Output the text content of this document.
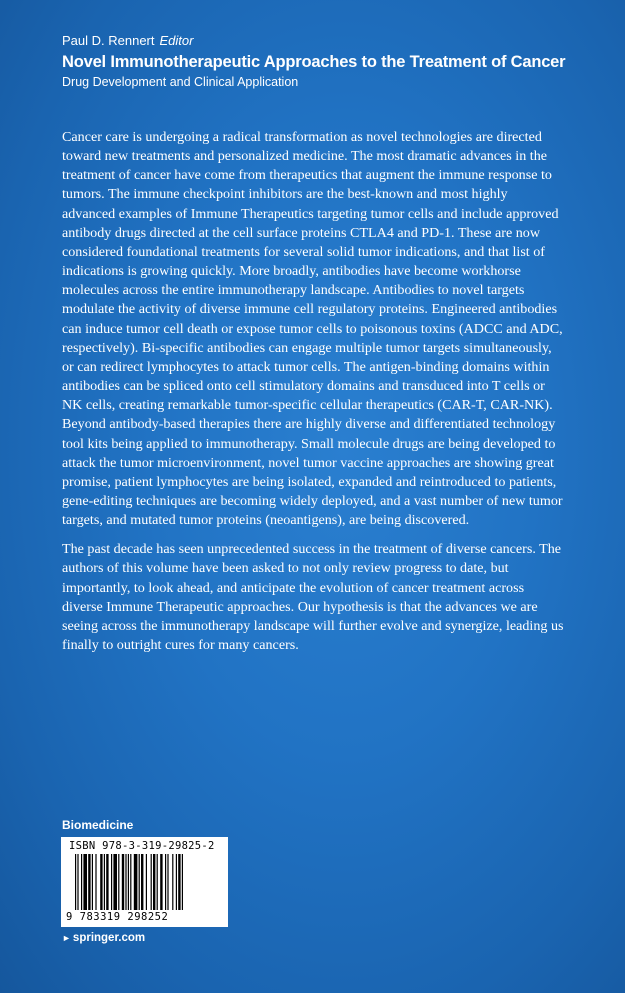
Paul D. Rennert Editor
Novel Immunotherapeutic Approaches to the Treatment of Cancer
Drug Development and Clinical Application

Cancer care is undergoing a radical transformation as novel technologies are directed toward new treatments and personalized medicine. The most dramatic advances in the treatment of cancer have come from therapeutics that augment the immune response to tumors. The immune checkpoint inhibitors are the best-known and most highly advanced examples of Immune Therapeutics targeting tumor cells and include approved antibody drugs directed at the cell surface proteins CTLA4 and PD-1. These are now considered foundational treatments for several solid tumor indications, and that list of indications is growing quickly. More broadly, antibodies have become workhorse molecules across the entire immunotherapy landscape. Antibodies to novel targets modulate the activity of diverse immune cell regulatory proteins. Engineered antibodies can induce tumor cell death or expose tumor cells to poisonous toxins (ADCC and ADC, respectively). Bi-specific antibodies can engage multiple tumor targets simultaneously, or can redirect lymphocytes to attack tumor cells. The antigen-binding domains within antibodies can be spliced onto cell stimulatory domains and transduced into T cells or NK cells, creating remarkable tumor-specific cellular therapeutics (CAR-T, CAR-NK). Beyond antibody-based therapies there are highly diverse and differentiated technology tool kits being applied to immunotherapy. Small molecule drugs are being developed to attack the tumor microenvironment, novel tumor vaccine approaches are showing great promise, patient lymphocytes are being isolated, expanded and reintroduced to patients, gene-editing techniques are becoming widely deployed, and a vast number of new tumor targets, and mutated tumor proteins (neoantigens), are being discovered.

The past decade has seen unprecedented success in the treatment of diverse cancers. The authors of this volume have been asked to not only review progress to date, but importantly, to look ahead, and anticipate the evolution of cancer treatment across diverse Immune Therapeutic approaches. Our hypothesis is that the advances we are seeing across the immunotherapy landscape will further evolve and synergize, leading us finally to outright cures for many cancers.

Biomedicine
ISBN 978-3-319-29825-2
9 783319 298252
► springer.com
